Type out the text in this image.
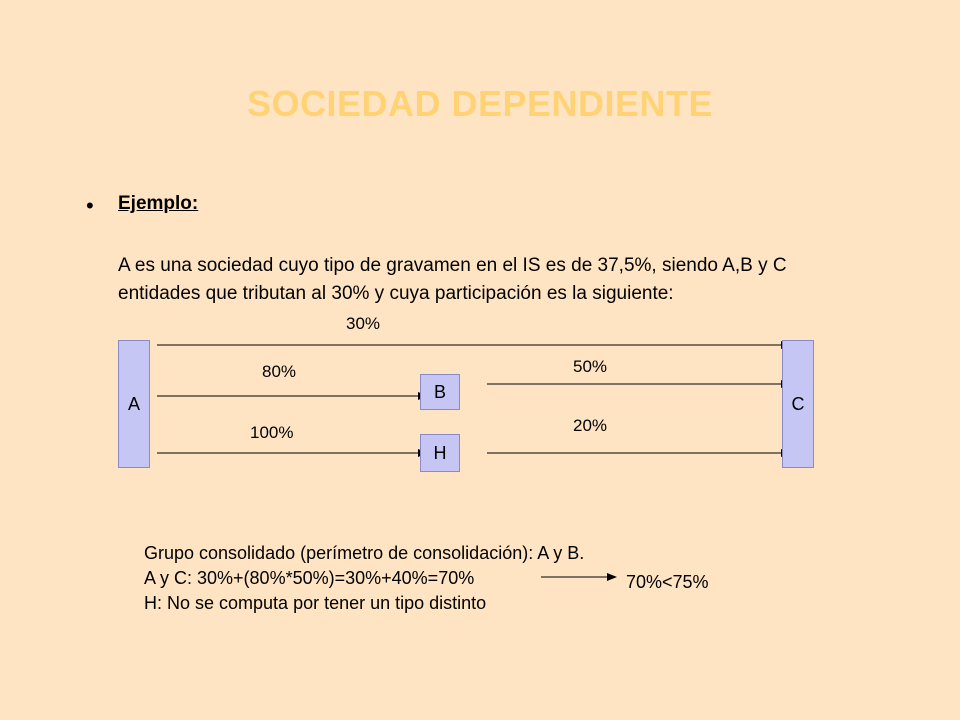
SOCIEDAD DEPENDIENTE
• Ejemplo:
A es una sociedad cuyo tipo de gravamen en el IS es de 37,5%, siendo A,B y C
entidades que tributan al 30% y cuya participación es la siguiente:
A
B
H
C
30%
80%
100%
50%
20%
Grupo consolidado (perímetro de consolidación): A y B.
A y C: 30%+(80%*50%)=30%+40%=70%
H: No se computa por tener un tipo distinto
70%<75%
